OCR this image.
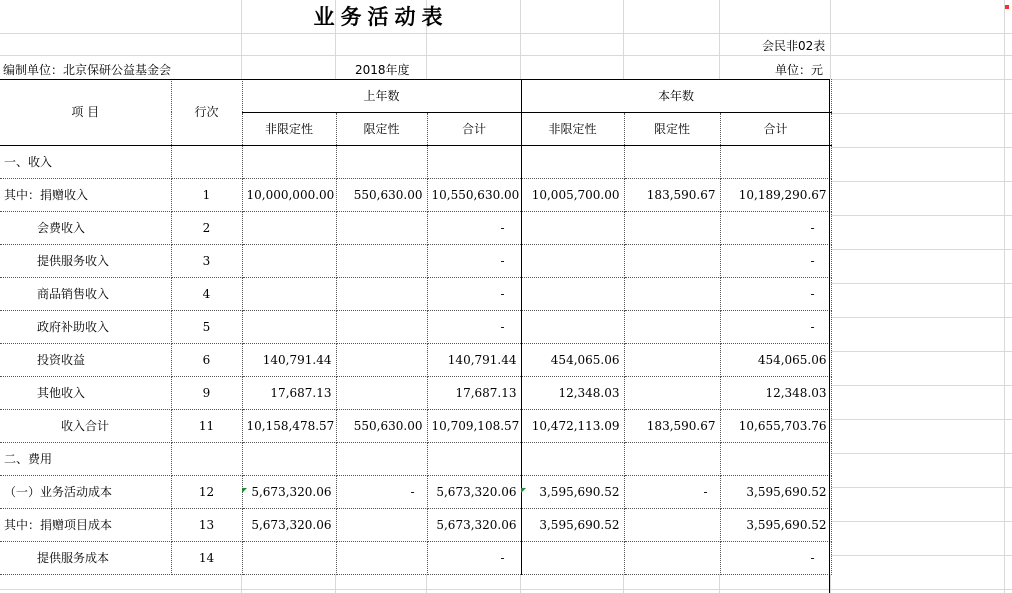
业务活动表
会民非02表
编制单位：北京保研公益基金会	2018年度	单位：元
项 目	行次	上年数			本年数		
		非限定性	限定性	合计	非限定性	限定性	合计
一、收入							
其中：捐赠收入	1	10,000,000.00	550,630.00	10,550,630.00	10,005,700.00	183,590.67	10,189,290.67
会费收入	2			-			-
提供服务收入	3			-			-
商品销售收入	4			-			-
政府补助收入	5			-			-
投资收益	6	140,791.44		140,791.44	454,065.06		454,065.06
其他收入	9	17,687.13		17,687.13	12,348.03		12,348.03
收入合计	11	10,158,478.57	550,630.00	10,709,108.57	10,472,113.09	183,590.67	10,655,703.76
二、费用							
（一）业务活动成本	12	5,673,320.06	-	5,673,320.06	3,595,690.52	-	3,595,690.52
其中：捐赠项目成本	13	5,673,320.06		5,673,320.06	3,595,690.52		3,595,690.52
提供服务成本	14			-			-
